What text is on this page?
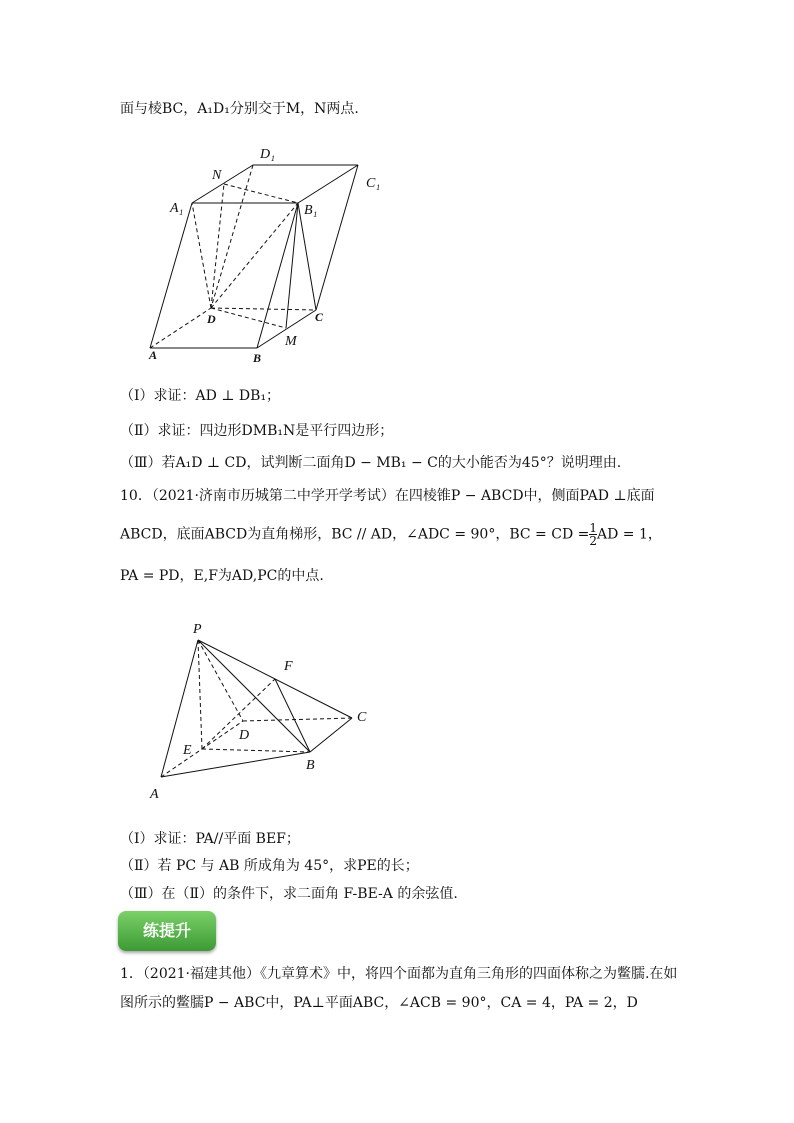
面与棱BC，A₁D₁分别交于M，N两点.
D₁
N
C₁
A₁	B₁
D	C
A	B
M
（Ⅰ）求证：AD ⊥ DB₁；
（Ⅱ）求证：四边形DMB₁N是平行四边形；
（Ⅲ）若A₁D ⊥ CD，试判断二面角D − MB₁ − C的大小能否为45°？说明理由.
10．（2021·济南市历城第二中学开学考试）在四棱锥P − ABCD中，侧面PAD ⊥底面
ABCD，底面ABCD为直角梯形，BC // AD，∠ADC = 90°，BC = CD = $\frac{1}{2}$ AD = 1，
PA = PD，E,F为AD,PC的中点.
P
F
C
D
E
B
A
（Ⅰ）求证：PA//平面 BEF；
（Ⅱ）若 PC 与 AB 所成角为 45°，求PE的长；
（Ⅲ）在（Ⅱ）的条件下，求二面角 F-BE-A 的余弦值.
练提升
1．（2021·福建其他）《九章算术》中，将四个面都为直角三角形的四面体称之为鳖臑.在如
图所示的鳖臑P − ABC中，PA⊥平面ABC，∠ACB = 90°，CA = 4，PA = 2，D
